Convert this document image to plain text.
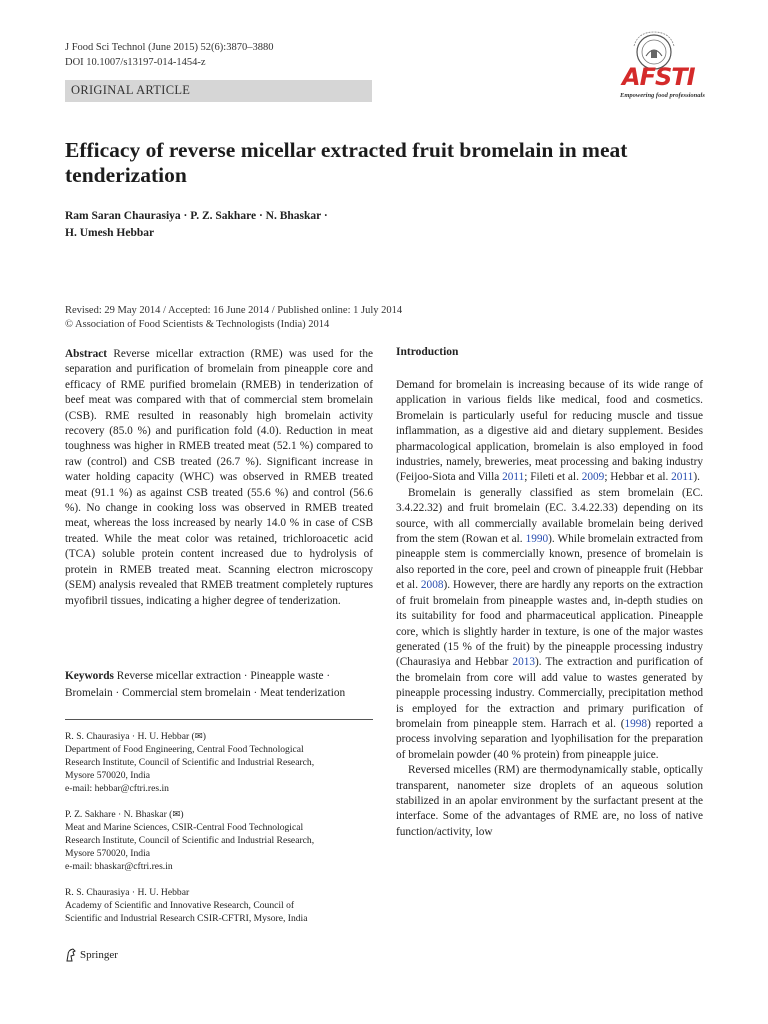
J Food Sci Technol (June 2015) 52(6):3870–3880
DOI 10.1007/s13197-014-1454-z
ORIGINAL ARTICLE	AFSTI
Empowering food professionals
Efficacy of reverse micellar extracted fruit bromelain in meat tenderization
Ram Saran Chaurasiya · P. Z. Sakhare · N. Bhaskar ·
H. Umesh Hebbar
Revised: 29 May 2014 / Accepted: 16 June 2014 / Published online: 1 July 2014
© Association of Food Scientists & Technologists (India) 2014

Abstract Reverse micellar extraction (RME) was used for the separation and purification of bromelain from pineapple core and efficacy of RME purified bromelain (RMEB) in tenderization of beef meat was compared with that of commercial stem bromelain (CSB). RME resulted in reasonably high bromelain activity recovery (85.0 %) and purification fold (4.0). Reduction in meat toughness was higher in RMEB treated meat (52.1 %) compared to raw (control) and CSB treated (26.7 %). Significant increase in water holding capacity (WHC) was observed in RMEB treated meat (91.1 %) as against CSB treated (55.6 %) and control (56.6 %). No change in cooking loss was observed in RMEB treated meat, whereas the loss increased by nearly 14.0 % in case of CSB treated. While the meat color was retained, trichloroacetic acid (TCA) soluble protein content increased due to hydrolysis of protein in RMEB treated meat. Scanning electron microscopy (SEM) analysis revealed that RMEB treatment completely ruptures myofibril tissues, indicating a higher degree of tenderization.

Keywords Reverse micellar extraction · Pineapple waste · Bromelain · Commercial stem bromelain · Meat tenderization
R. S. Chaurasiya · H. U. Hebbar (✉)
Department of Food Engineering, Central Food Technological
Research Institute, Council of Scientific and Industrial Research,
Mysore 570020, India
e-mail: hebbar@cftri.res.in
P. Z. Sakhare · N. Bhaskar (✉)
Meat and Marine Sciences, CSIR-Central Food Technological
Research Institute, Council of Scientific and Industrial Research,
Mysore 570020, India
e-mail: bhaskar@cftri.res.in
R. S. Chaurasiya · H. U. Hebbar
Academy of Scientific and Innovative Research, Council of
Scientific and Industrial Research CSIR-CFTRI, Mysore, India
Introduction

Demand for bromelain is increasing because of its wide range of application in various fields like medical, food and cosmetics. Bromelain is particularly useful for reducing muscle and tissue inflammation, as a digestive aid and dietary supplement. Besides pharmacological application, bromelain is also employed in food industries, namely, breweries, meat processing and baking industry (Feijoo-Siota and Villa 2011; Fileti et al. 2009; Hebbar et al. 2011).

Bromelain is generally classified as stem bromelain (EC. 3.4.22.32) and fruit bromelain (EC. 3.4.22.33) depending on its source, with all commercially available bromelain being derived from the stem (Rowan et al. 1990). While bromelain extracted from pineapple stem is commercially known, presence of bromelain is also reported in the core, peel and crown of pineapple fruit (Hebbar et al. 2008). However, there are hardly any reports on the extraction of fruit bromelain from pineapple wastes and, in-depth studies on its suitability for food and pharmaceutical application. Pineapple core, which is slightly harder in texture, is one of the major wastes generated (15 % of the fruit) by the pineapple processing industry (Chaurasiya and Hebbar 2013). The extraction and purification of the bromelain from core will add value to wastes generated by pineapple processing industry. Commercially, precipitation method is employed for the extraction and primary purification of bromelain from pineapple stem. Harrach et al. (1998) reported a process involving separation and lyophilisation for the preparation of bromelain powder (40 % protein) from pineapple juice.

Reversed micelles (RM) are thermodynamically stable, optically transparent, nanometer size droplets of an aqueous solution stabilized in an apolar environment by the surfactant present at the interface. Some of the advantages of RME are, no loss of native function/activity, low

Springer
